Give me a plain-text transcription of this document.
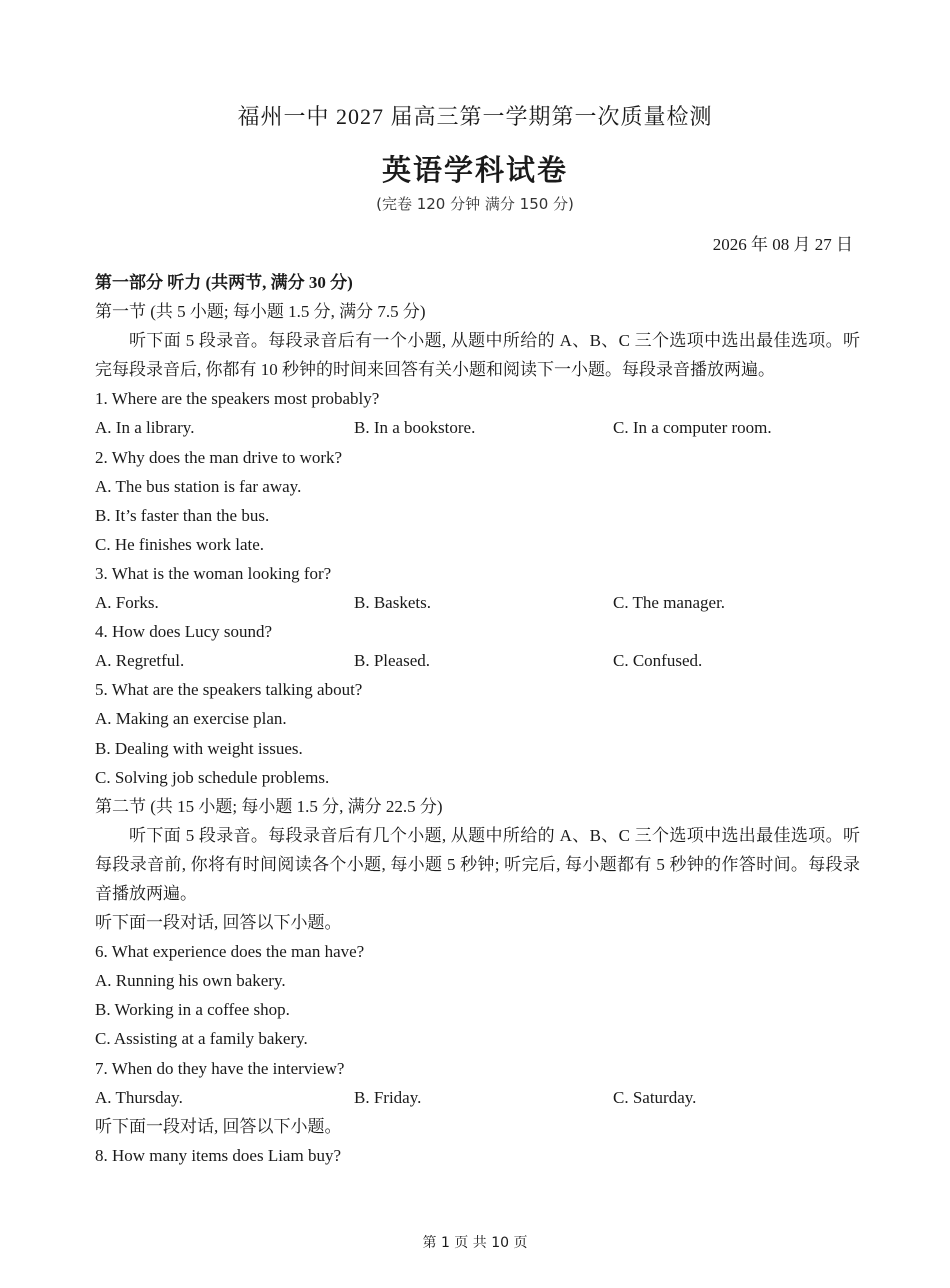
福州一中 2027 届高三第一学期第一次质量检测
英语学科试卷
(完卷 120 分钟 满分 150 分)
2026 年 08 月 27 日
第一部分 听力 (共两节, 满分 30 分)
第一节 (共 5 小题; 每小题 1.5 分, 满分 7.5 分)
听下面 5 段录音。每段录音后有一个小题, 从题中所给的 A、B、C 三个选项中选出最佳选项。听完每段录音后, 你都有 10 秒钟的时间来回答有关小题和阅读下一小题。每段录音播放两遍。
1. Where are the speakers most probably?
A. In a library.	B. In a bookstore.	C. In a computer room.
2. Why does the man drive to work?
A. The bus station is far away.
B. It’s faster than the bus.
C. He finishes work late.
3. What is the woman looking for?
A. Forks.	B. Baskets.	C. The manager.
4. How does Lucy sound?
A. Regretful.	B. Pleased.	C. Confused.
5. What are the speakers talking about?
A. Making an exercise plan.
B. Dealing with weight issues.
C. Solving job schedule problems.
第二节 (共 15 小题; 每小题 1.5 分, 满分 22.5 分)
听下面 5 段录音。每段录音后有几个小题, 从题中所给的 A、B、C 三个选项中选出最佳选项。听每段录音前, 你将有时间阅读各个小题, 每小题 5 秒钟; 听完后, 每小题都有 5 秒钟的作答时间。每段录音播放两遍。
听下面一段对话, 回答以下小题。
6. What experience does the man have?
A. Running his own bakery.
B. Working in a coffee shop.
C. Assisting at a family bakery.
7. When do they have the interview?
A. Thursday.	B. Friday.	C. Saturday.
听下面一段对话, 回答以下小题。
8. How many items does Liam buy?
第 1 页 共 10 页
